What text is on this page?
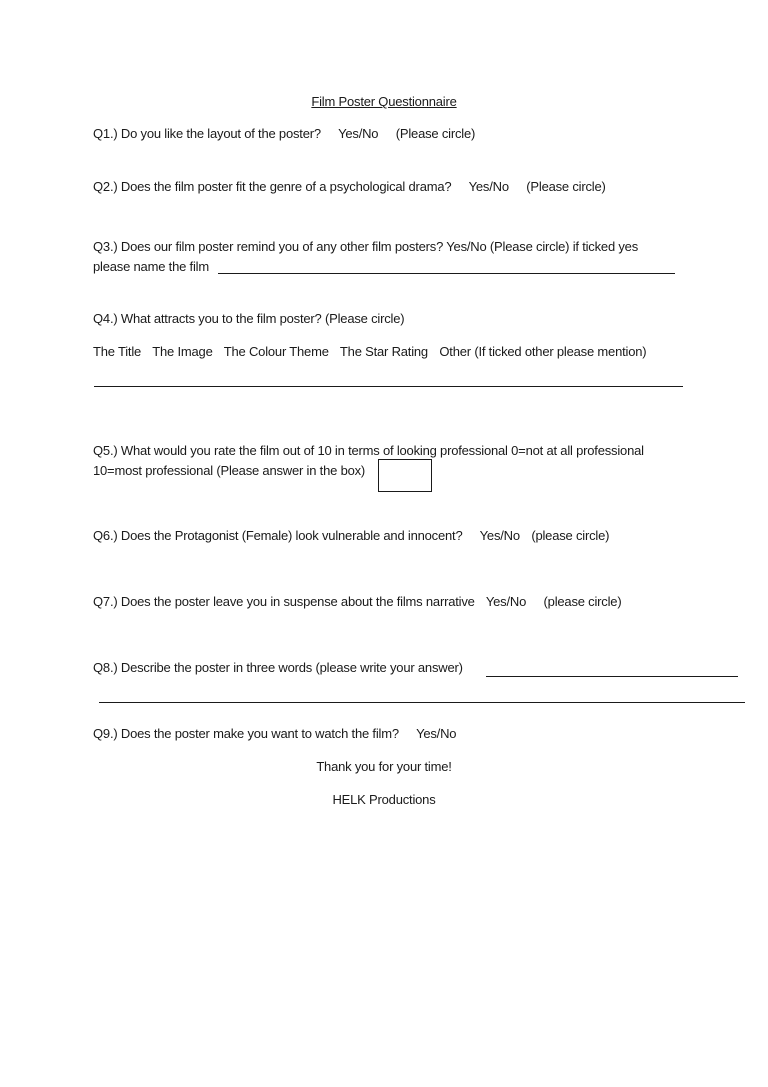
Film Poster Questionnaire
Q1.) Do you like the layout of the poster? Yes/No (Please circle)
Q2.) Does the film poster fit the genre of a psychological drama? Yes/No (Please circle)
Q3.) Does our film poster remind you of any other film posters? Yes/No (Please circle) if ticked yes
please name the film
Q4.) What attracts you to the film poster? (Please circle)
The Title The Image The Colour Theme The Star Rating Other (If ticked other please mention)
Q5.) What would you rate the film out of 10 in terms of looking professional 0=not at all professional
10=most professional (Please answer in the box)
Q6.) Does the Protagonist (Female) look vulnerable and innocent? Yes/No (please circle)
Q7.) Does the poster leave you in suspense about the films narrative Yes/No (please circle)
Q8.) Describe the poster in three words (please write your answer)
Q9.) Does the poster make you want to watch the film? Yes/No
Thank you for your time!
HELK Productions
